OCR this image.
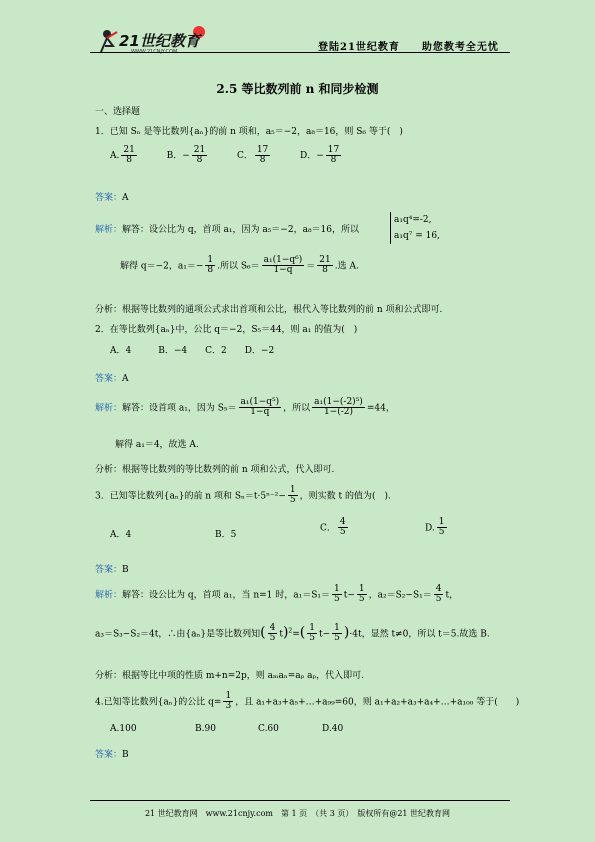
21世纪教育
WWW.21CNJY.COM	登陆21世纪教育　　助您教考全无忧
2.5 等比数列前 n 和同步检测
一、选择题
1．已知 Sₙ 是等比数列{aₙ}的前 n 项和，a₅＝−2，a₈＝16，则 S₆ 等于(　)
A. $\frac{21}{8}$	B．− $\frac{21}{8}$	C． $\frac{17}{8}$	D．− $\frac{17}{8}$
答案：A
解析：解答：设公比为 q，首项 a₁，因为 a₅＝−2，a₈＝16，所以
a₁q⁴=-2,
a₁q⁷ = 16,
解得 q＝−2，$a_1=- \frac{1}{8}$ .所以 $S_6= \frac{\text{a₁(1−q⁶)}}{1-q} = \frac{21}{8}$ .选 A.
分析：根据等比数列的通项公式求出首项和公比，根代入等比数列的前 n 项和公式即可.
2．在等比数列{aₙ}中，公比 q＝−2，S₅＝44，则 a₁ 的值为(　)
A．4　　　B．−4　　C．2　　D．−2
答案：A
解析：解答：设首项 a₁，因为 $S_5= \frac{\text{a₁(1−q⁵)}}{1-q}$ ，所以 $\frac{\text{a₁(1−(-2)⁵)}}{1-(-2)} =44$，
解得 a₁＝4，故选 A.
分析：根据等比数列的等比数列的前 n 项和公式，代入即可.
3．已知等比数列{aₙ}的前 n 项和 $S_n=t\cdot 5^{n-2}- \frac{1}{5}$ ，则实数 t 的值为(　).
A．4	B．5
C． $\frac{4}{5}$	D. $\frac{1}{5}$
答案：B
解析：解答：设公比为 q，首项 a₁，当 n=1 时，$a_1=S_1= \frac{1}{5} t- \frac{1}{5}$ ，$a_2=S_2-S_1= \frac{4}{5}$ t，
a₃＝S₃−S₂＝4t，∴由{aₙ}是等比数列知( $\frac{4}{5} t)^2=( \frac{1}{5} t- \frac{1}{5} )\cdot 4t$，显然 t≠0，所以 t＝5.故选 B.
分析：根据等比中项的性质 m+n=2p，则 aₘaₙ=aₚ aₚ，代入即可.
4.已知等比数列{aₙ}的公比 $q= \frac{1}{3}$ ，且 a₁+a₃+a₅+…+a₉₉=60，则 a₁+a₂+a₃+a₄+…+a₁₀₀ 等于(　　)
A.100	B.90	C.60	D.40
答案：B
21 世纪教育网　www.21cnjy.com　第 1 页　（共 3 页）　版权所有@21 世纪教育网
